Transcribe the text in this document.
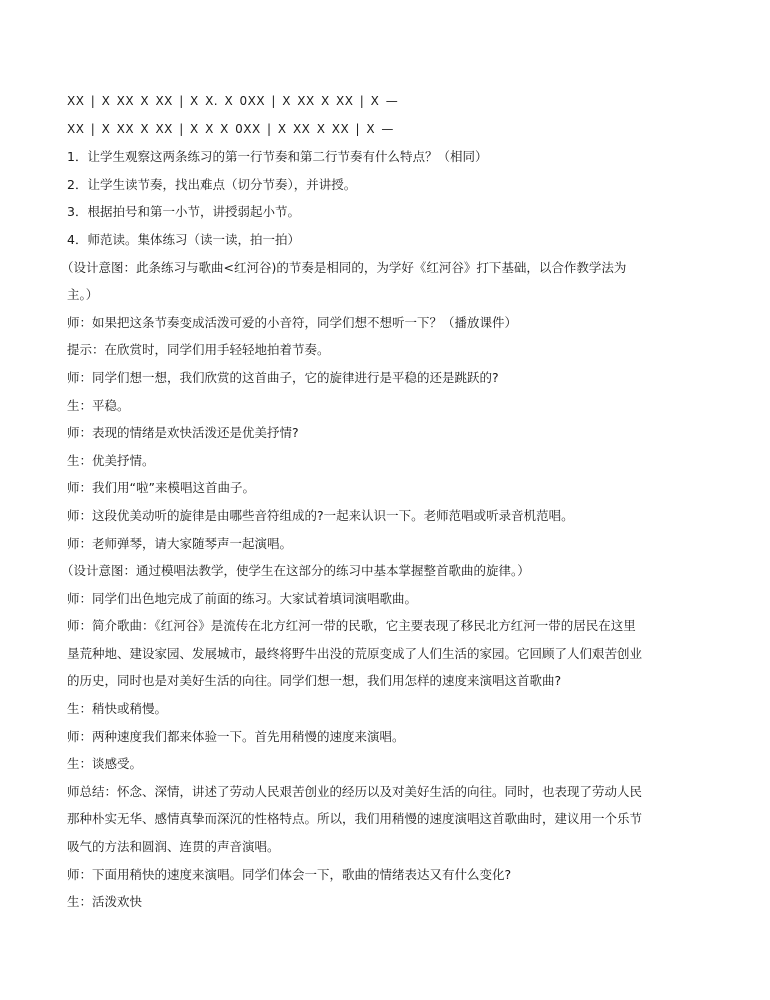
XX | X XX X XX | X X. X 0XX | X XX X XX | X —
XX | X XX X XX | X X X 0XX | X XX X XX | X —
1．让学生观察这两条练习的第一行节奏和第二行节奏有什么特点？（相同）
2．让学生读节奏，找出难点（切分节奏），并讲授。
3．根据拍号和第一小节，讲授弱起小节。
4．师范读。集体练习（读一读，拍一拍）
（设计意图：此条练习与歌曲<红河谷)的节奏是相同的，为学好《红河谷》打下基础，以合作教学法为
主。）
师：如果把这条节奏变成活泼可爱的小音符，同学们想不想听一下？（播放课件）
提示：在欣赏时，同学们用手轻轻地拍着节奏。
师：同学们想一想，我们欣赏的这首曲子，它的旋律进行是平稳的还是跳跃的?
生：平稳。
师：表现的情绪是欢快活泼还是优美抒情?
生：优美抒情。
师：我们用“啦”来模唱这首曲子。
师：这段优美动听的旋律是由哪些音符组成的?一起来认识一下。老师范唱或听录音机范唱。
师：老师弹琴，请大家随琴声一起演唱。
（设计意图：通过模唱法教学，使学生在这部分的练习中基本掌握整首歌曲的旋律。）
师：同学们出色地完成了前面的练习。大家试着填词演唱歌曲。
师：简介歌曲：《红河谷》是流传在北方红河一带的民歌，它主要表现了移民北方红河一带的居民在这里
垦荒种地、建设家园、发展城市，最终将野牛出没的荒原变成了人们生活的家园。它回顾了人们艰苦创业
的历史，同时也是对美好生活的向往。同学们想一想，我们用怎样的速度来演唱这首歌曲?
生：稍快或稍慢。
师：两种速度我们都来体验一下。首先用稍慢的速度来演唱。
生：谈感受。
师总结：怀念、深情，讲述了劳动人民艰苦创业的经历以及对美好生活的向往。同时，也表现了劳动人民
那种朴实无华、感情真挚而深沉的性格特点。所以，我们用稍慢的速度演唱这首歌曲时，建议用一个乐节
吸气的方法和圆润、连贯的声音演唱。
师：下面用稍快的速度来演唱。同学们体会一下，歌曲的情绪表达又有什么变化?
生：活泼欢快
